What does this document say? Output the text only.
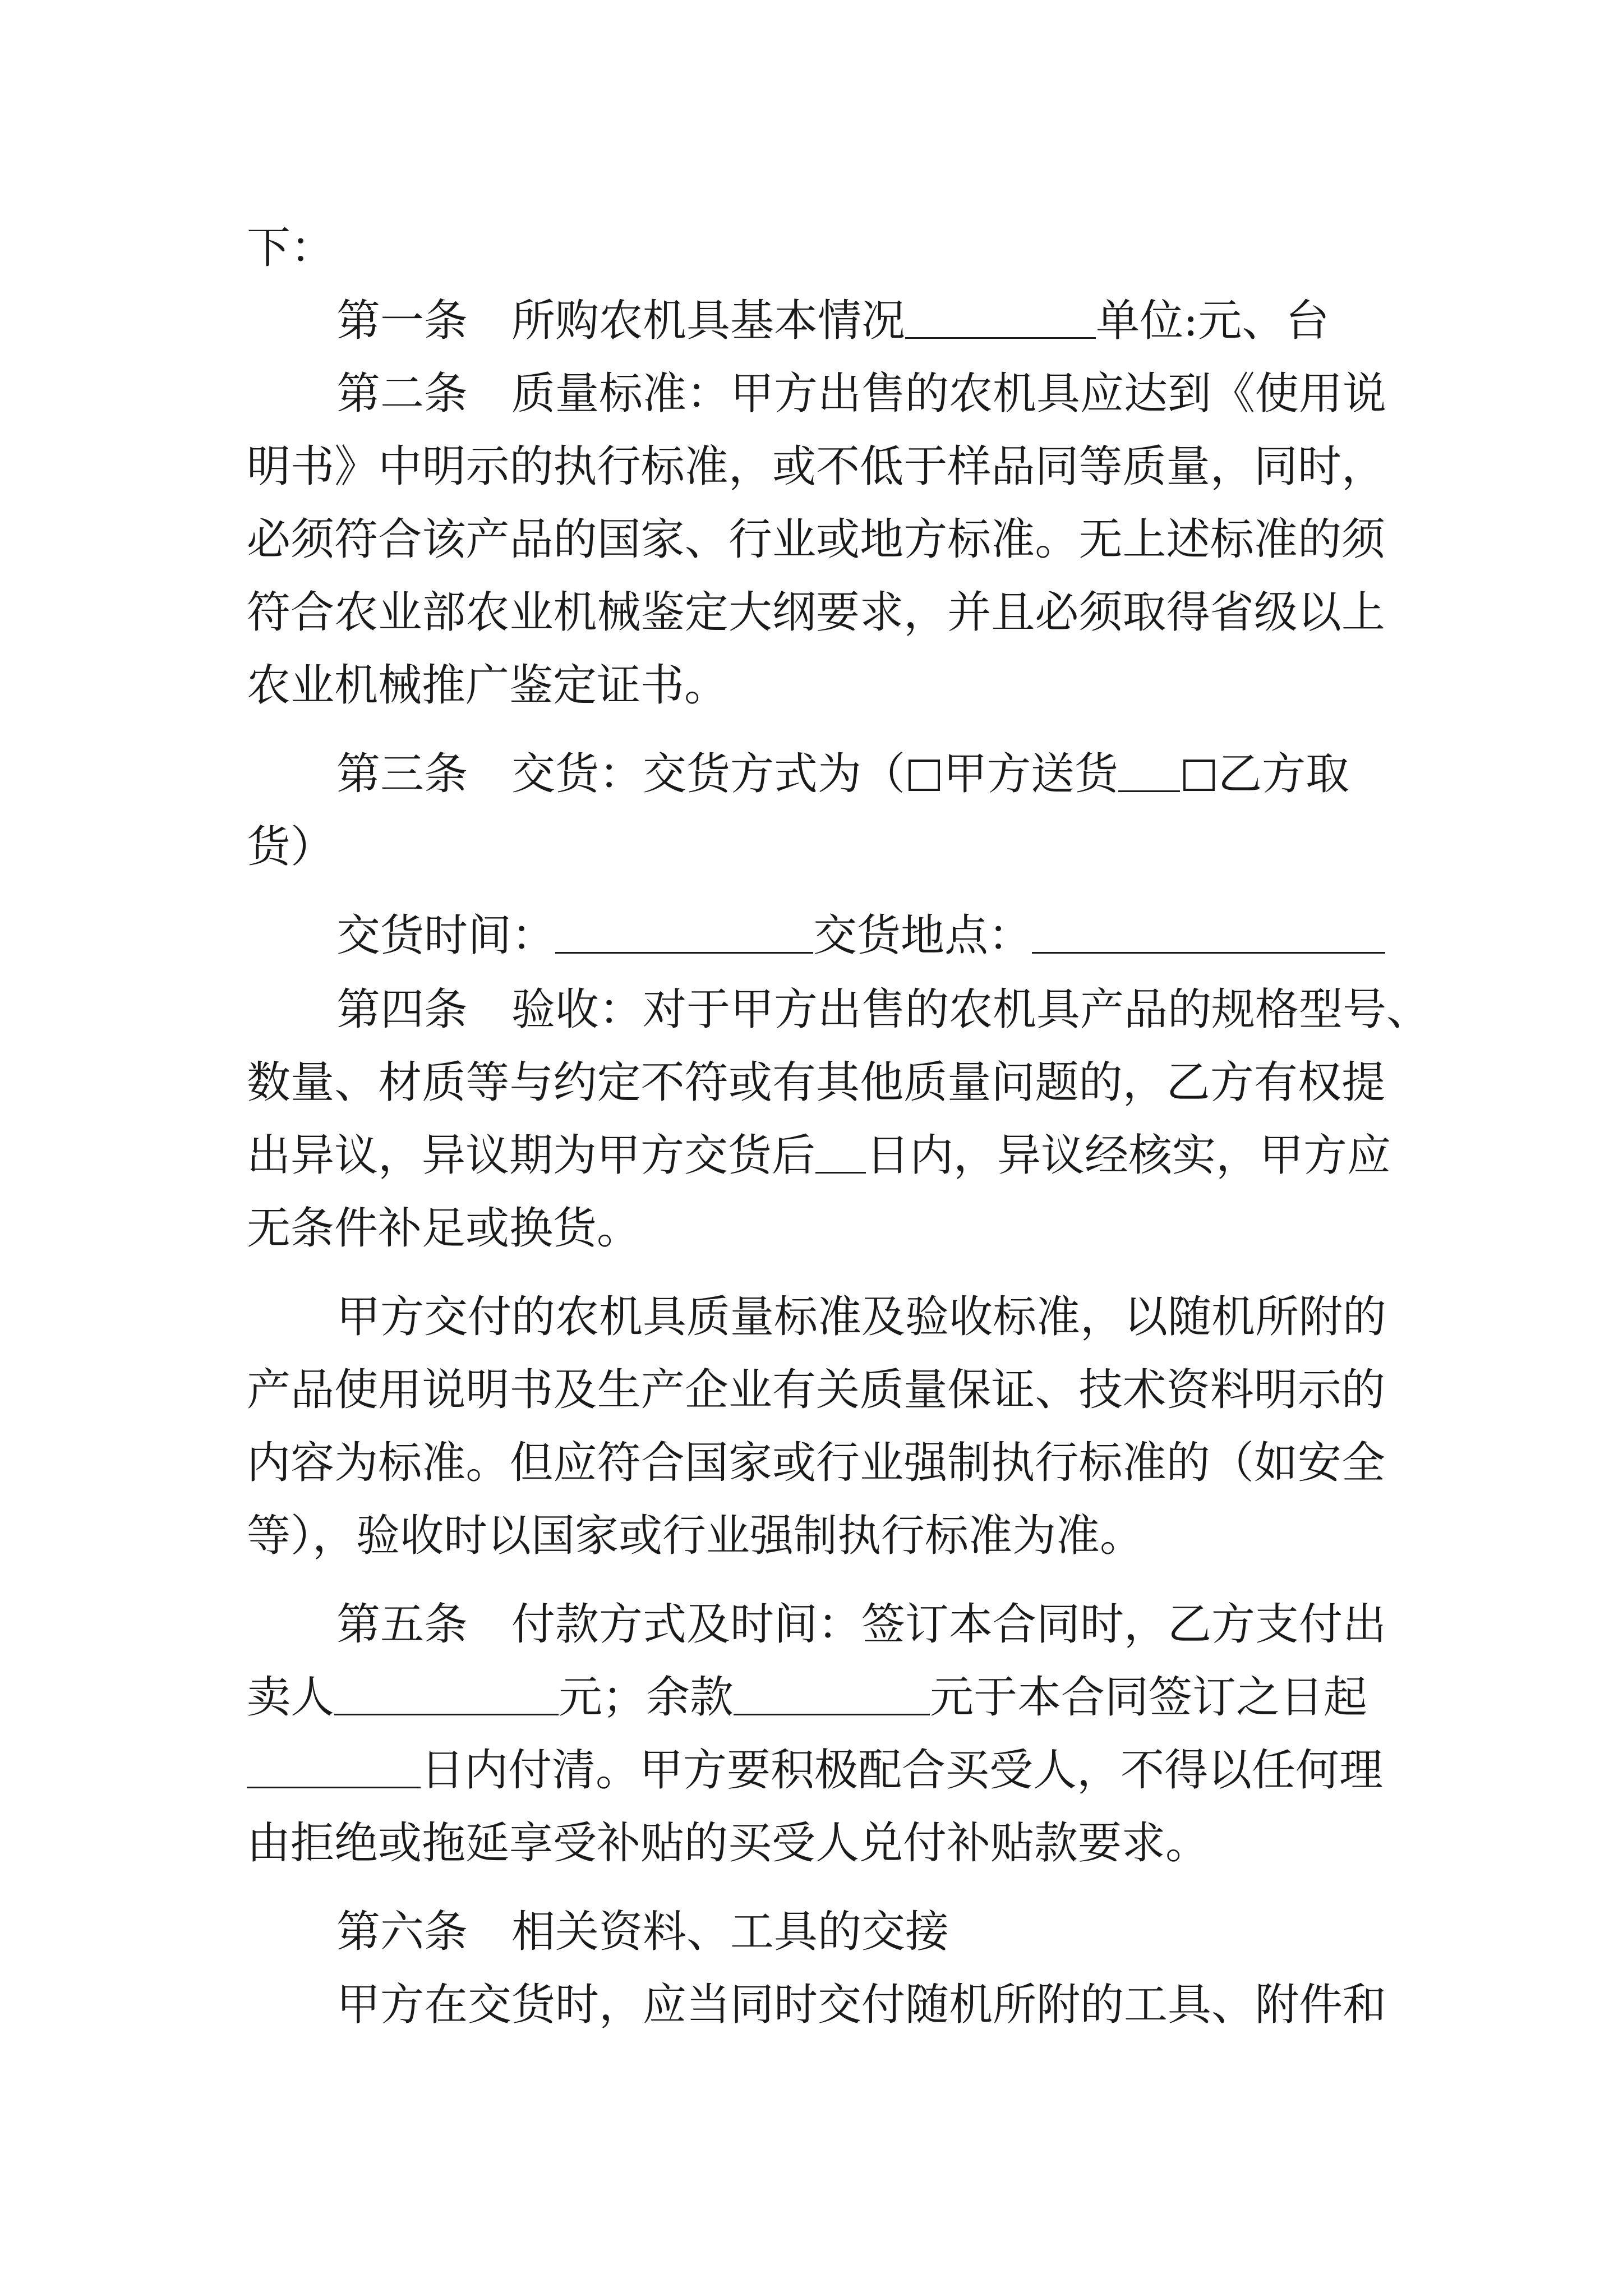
下：
第一条　所购农机具基本情况	单位:元、台
第二条　质量标准：甲方出售的农机具应达到《使用说
明书》中明示的执行标准，或不低于样品同等质量，同时，
必须符合该产品的国家、行业或地方标准。无上述标准的须
符合农业部农业机械鉴定大纲要求，并且必须取得省级以上
农业机械推广鉴定证书。
第三条　交货：交货方式为（ 甲方送货 乙方取
货）
交货时间：	交货地点：
第四条　验收：对于甲方出售的农机具产品的规格型号、
数量、材质等与约定不符或有其他质量问题的，乙方有权提
出异议，异议期为甲方交货后 日内，异议经核实，甲方应
无条件补足或换货。
甲方交付的农机具质量标准及验收标准，以随机所附的
产品使用说明书及生产企业有关质量保证、技术资料明示的
内容为标准。但应符合国家或行业强制执行标准的（如安全
等），验收时以国家或行业强制执行标准为准。
第五条　付款方式及时间：签订本合同时，乙方支付出
卖人	元；余款	元于本合同签订之日起
日内付清。甲方要积极配合买受人，不得以任何理
由拒绝或拖延享受补贴的买受人兑付补贴款要求。
第六条　相关资料、工具的交接
甲方在交货时，应当同时交付随机所附的工具、附件和
